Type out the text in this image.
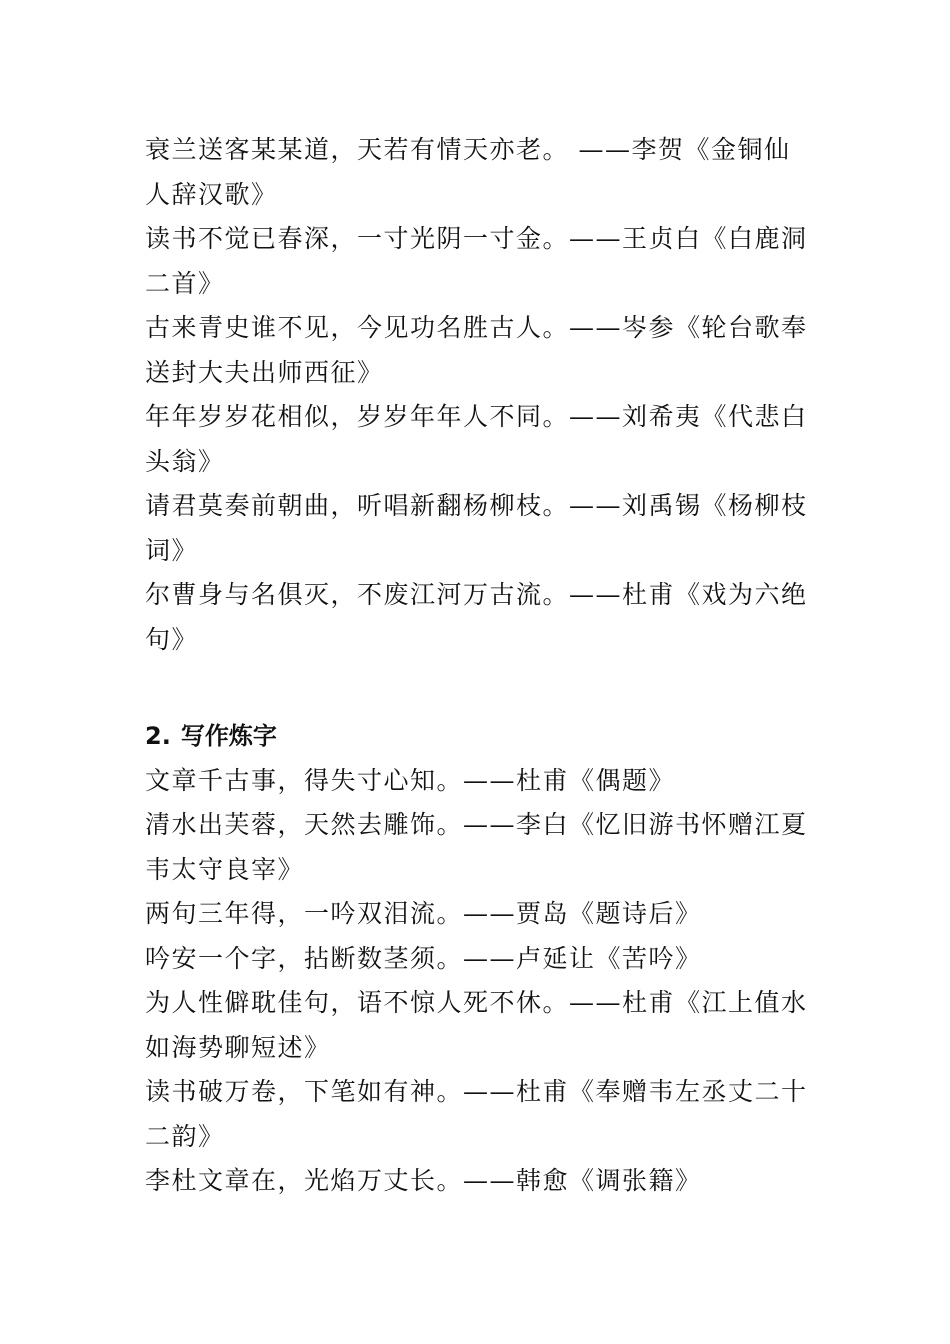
衰兰送客某某道，天若有情天亦老。 ——李贺《金铜仙人辞汉歌》

读书不觉已春深，一寸光阴一寸金。——王贞白《白鹿洞二首》

古来青史谁不见，今见功名胜古人。——岑参《轮台歌奉送封大夫出师西征》

年年岁岁花相似，岁岁年年人不同。——刘希夷《代悲白头翁》

请君莫奏前朝曲，听唱新翻杨柳枝。——刘禹锡《杨柳枝词》

尔曹身与名俱灭，不废江河万古流。——杜甫《戏为六绝句》

2. 写作炼字

文章千古事，得失寸心知。——杜甫《偶题》

清水出芙蓉，天然去雕饰。——李白《忆旧游书怀赠江夏韦太守良宰》

两句三年得，一吟双泪流。——贾岛《题诗后》

吟安一个字，拈断数茎须。——卢延让《苦吟》

为人性僻耽佳句，语不惊人死不休。——杜甫《江上值水如海势聊短述》

读书破万卷，下笔如有神。——杜甫《奉赠韦左丞丈二十二韵》

李杜文章在，光焰万丈长。——韩愈《调张籍》
